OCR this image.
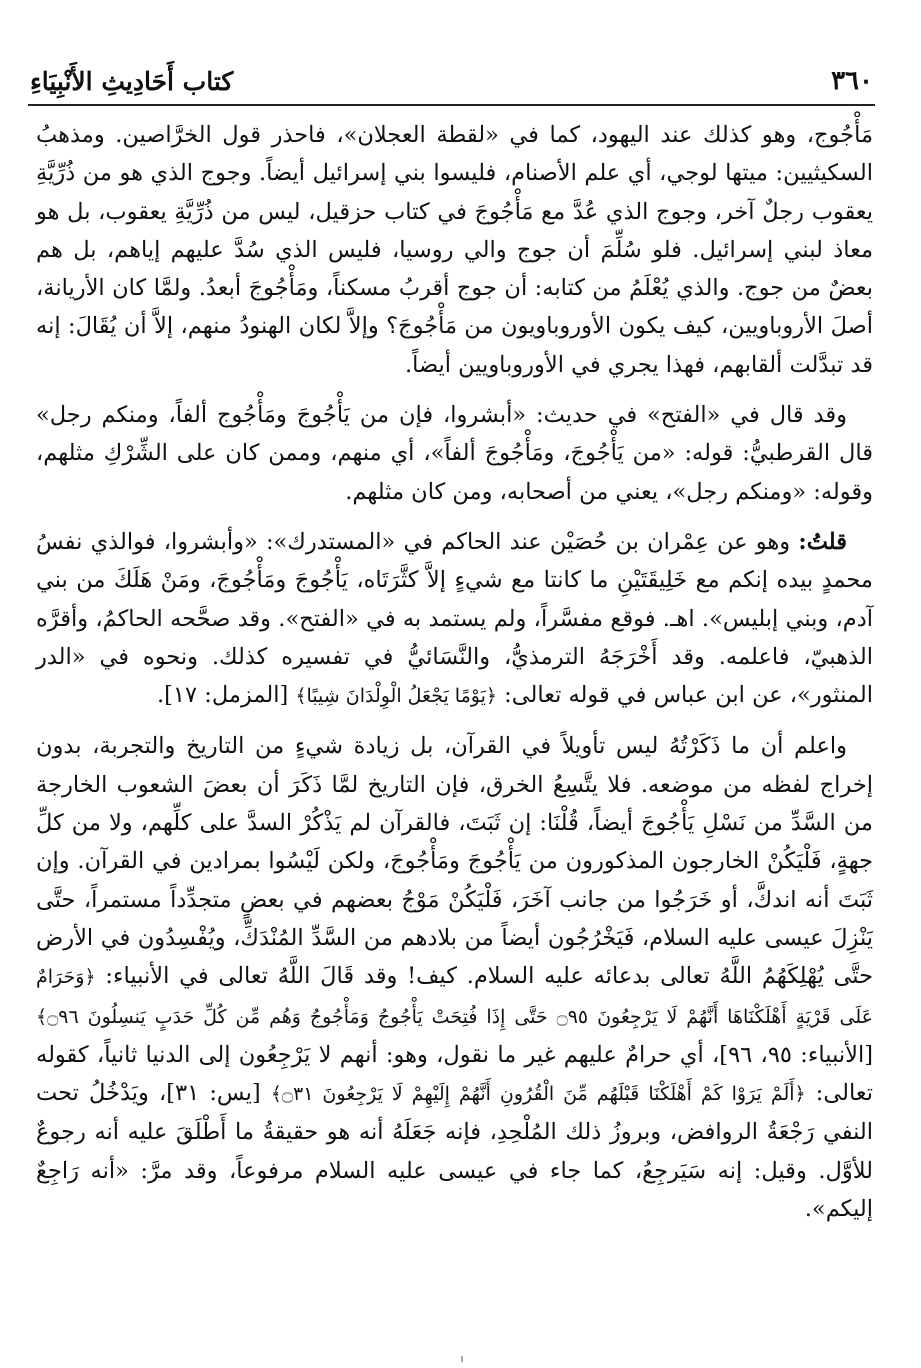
٣٦٠
كتاب أَحَادِيثِ الأَنْبِيَاءِ

مَأْجُوج، وهو كذلك عند اليهود، كما في «لقطة العجلان»، فاحذر قول الخرَّاصين. ومذهبُ السكيثيين: ميتها لوجي، أي علم الأصنام، فليسوا بني إسرائيل أيضاً. وجوج الذي هو من ذُرِّيَّةِ يعقوب رجلٌ آخر، وجوج الذي عُدَّ مع مَأْجُوجَ في كتاب حزقيل، ليس من ذُرِّيَّةِ يعقوب، بل هو معاذ لبني إسرائيل. فلو سُلِّمَ أن جوج والي روسيا، فليس الذي سُدَّ عليهم إياهم، بل هم بعضٌ من جوج. والذي يُعْلَمُ من كتابه: أن جوج أقربُ مسكناً، ومَأْجُوجَ أبعدُ. ولمَّا كان الأريانة، أصلَ الأروباويين، كيف يكون الأوروباويون من مَأْجُوجَ؟ وإلاَّ لكان الهنودُ منهم، إلاَّ أن يُقَالَ: إنه قد تبدَّلت ألقابهم، فهذا يجري في الأوروباويين أيضاً.

وقد قال في «الفتح» في حديث: «أبشروا، فإن من يَأْجُوجَ ومَأْجُوج ألفاً، ومنكم رجل» قال القرطبيُّ: قوله: «من يَأْجُوجَ، ومَأْجُوجَ ألفاً»، أي منهم، وممن كان على الشِّرْكِ مثلهم، وقوله: «ومنكم رجل»، يعني من أصحابه، ومن كان مثلهم.

قلتُ: وهو عن عِمْران بن حُصَيْن عند الحاكم في «المستدرك»: «وأبشروا، فوالذي نفسُ محمدٍ بيده إنكم مع خَلِيقَتَيْنِ ما كانتا مع شيءٍ إلاَّ كثَّرَتَاه، يَأْجُوجَ ومَأْجُوجَ، ومَنْ هَلَكَ من بني آدم، وبني إبليس». اهـ. فوقع مفسَّراً، ولم يستمد به في «الفتح». وقد صحَّحه الحاكمُ، وأقرَّه الذهبيّ، فاعلمه. وقد أَخْرَجَهُ الترمذيُّ، والنَّسَائيُّ في تفسيره كذلك. ونحوه في «الدر المنثور»، عن ابن عباس في قوله تعالى: ﴿يَوْمًا يَجْعَلُ الْوِلْدَانَ شِيبًا﴾ [المزمل: ١٧].

واعلم أن ما ذَكَرْتُهُ ليس تأويلاً في القرآن، بل زيادة شيءٍ من التاريخ والتجربة، بدون إخراج لفظه من موضعه. فلا يتَّسِعُ الخرق، فإن التاريخ لمَّا ذَكَرَ أن بعضَ الشعوب الخارجة من السَّدِّ من نَسْلِ يَأْجُوجَ أيضاً، قُلْنَا: إن ثَبَتَ، فالقرآن لم يَذْكُرْ السدَّ على كلِّهم، ولا من كلِّ جهةٍ، فَلْيَكُنْ الخارجون المذكورون من يَأْجُوجَ ومَأْجُوجَ، ولكن لَيْسُوا بمرادين في القرآن. وإن ثَبَتَ أنه اندكَّ، أو خَرَجُوا من جانب آخَرَ، فَلْيَكُنْ مَوْجُ بعضهم في بعضٍ متجدِّداً مستمراً، حتَّى يَنْزِلَ عيسى عليه السلام، فَيَخْرُجُون أيضاً من بلادهم من السَّدِّ المُنْدَكِّ، ويُفْسِدُون في الأرض حتَّى يُهْلِكَهُمُ اللَّهُ تعالى بدعائه عليه السلام. كيف! وقد قَالَ اللَّهُ تعالى في الأنبياء: ﴿وَحَرَامٌ عَلَى قَرْيَةٍ أَهْلَكْنَاهَا أَنَّهُمْ لَا يَرْجِعُونَ ۝٩٥ حَتَّى إِذَا فُتِحَتْ يَأْجُوجُ وَمَأْجُوجُ وَهُم مِّن كُلِّ حَدَبٍ يَنسِلُونَ ۝٩٦﴾ [الأنبياء: ٩٥، ٩٦]، أي حرامٌ عليهم غير ما نقول، وهو: أنهم لا يَرْجِعُون إلى الدنيا ثانياً، كقوله تعالى: ﴿أَلَمْ يَرَوْا كَمْ أَهْلَكْنَا قَبْلَهُم مِّنَ الْقُرُونِ أَنَّهُمْ إِلَيْهِمْ لَا يَرْجِعُونَ ۝٣١﴾ [يس: ٣١]، ويَدْخُلُ تحت النفي رَجْعَةُ الروافض، وبروزُ ذلك المُلْحِدِ، فإنه جَعَلَهُ أنه هو حقيقةُ ما أَطْلَقَ عليه أنه رجوعٌ للأوَّل. وقيل: إنه سَيَرجِعُ، كما جاء في عيسى عليه السلام مرفوعاً، وقد مرَّ: «أنه رَاجِعٌ إليكم».
